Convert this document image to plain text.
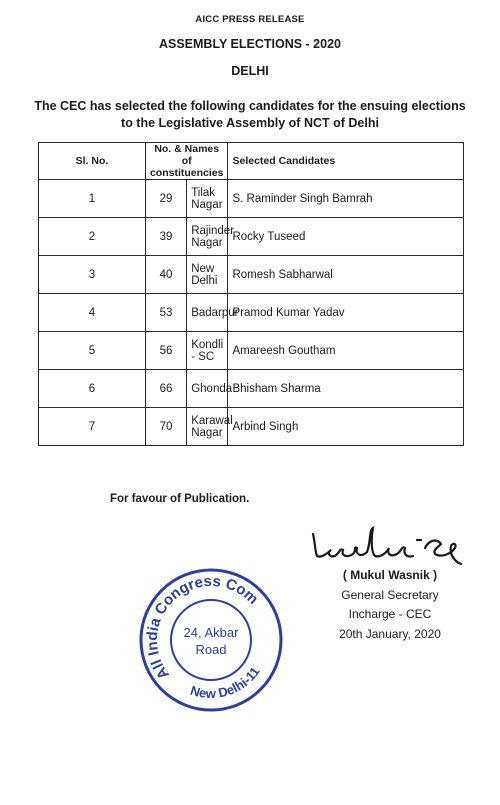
AICC PRESS RELEASE
ASSEMBLY ELECTIONS - 2020
DELHI
The CEC has selected the following candidates for the ensuing elections
to the Legislative Assembly of NCT of Delhi
Sl. No.	No. & Names of constituencies		Selected Candidates
1	29	Tilak Nagar	S. Raminder Singh Bamrah
2	39	Rajinder Nagar	Rocky Tuseed
3	40	New Delhi	Romesh Sabharwal
4	53	Badarpur	Pramod Kumar Yadav
5	56	Kondli - SC	Amareesh Goutham
6	66	Ghonda	Bhisham Sharma
7	70	Karawal Nagar	Arbind Singh
For favour of Publication.
( Mukul Wasnik )
General Secretary
Incharge - CEC
20th January, 2020
All India Congress Committee
New Delhi-11
24, Akbar
Road
